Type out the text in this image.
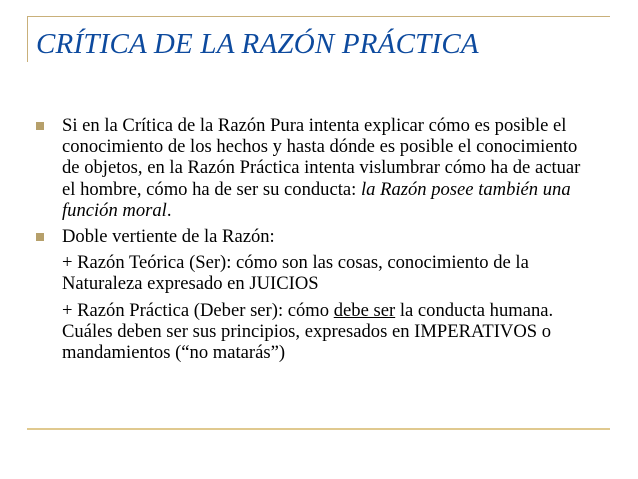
CRÍTICA DE LA RAZÓN PRÁCTICA
Si en la Crítica de la Razón Pura intenta explicar cómo es posible el conocimiento de los hechos y hasta dónde es posible el conocimiento de objetos, en la Razón Práctica intenta vislumbrar cómo ha de actuar el hombre, cómo ha de ser su conducta: la Razón posee también una función moral.
Doble vertiente de la Razón:
+ Razón Teórica (Ser): cómo son las cosas, conocimiento de la Naturaleza expresado en JUICIOS
+ Razón Práctica (Deber ser): cómo debe ser la conducta humana. Cuáles deben ser sus principios, expresados en IMPERATIVOS o mandamientos (“no matarás”)
